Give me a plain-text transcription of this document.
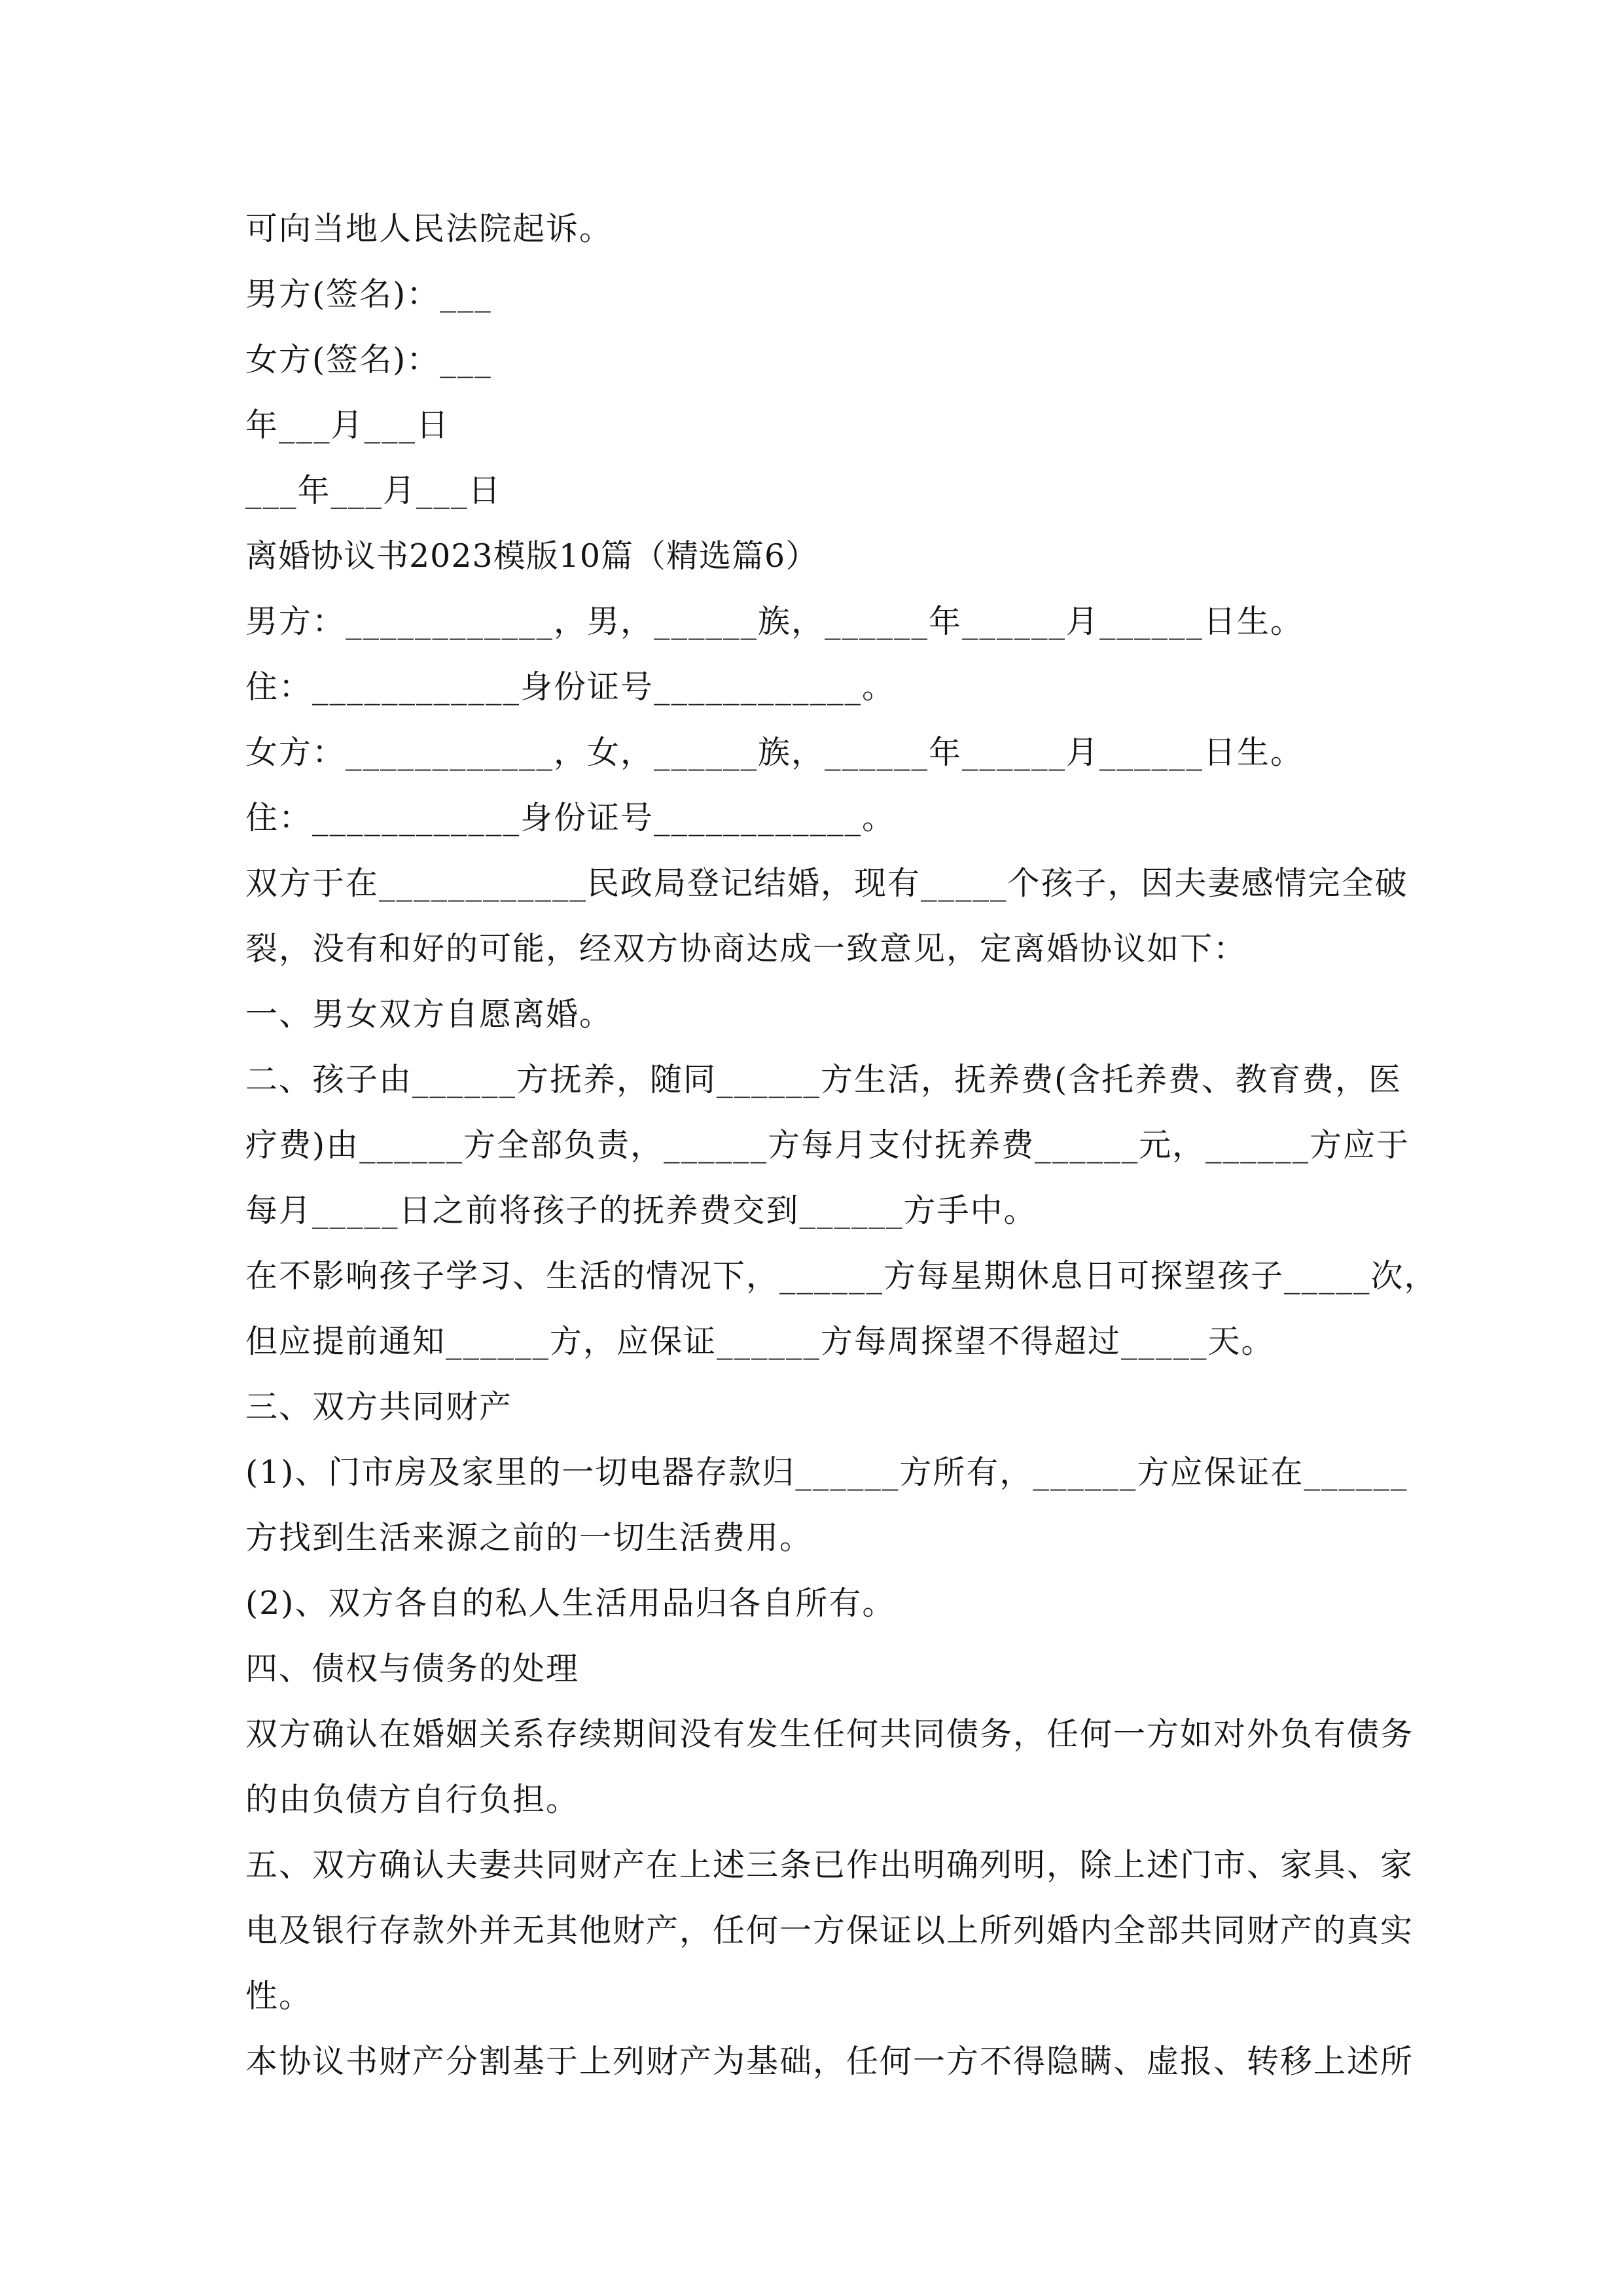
可向当地人民法院起诉。

男方(签名)：___

女方(签名)：___

年___月___日

___年___月___日

离婚协议书2023模版10篇（精选篇6）

男方：____________，男，______族，______年______月______日生。

住：____________身份证号____________。

女方：____________，女，______族，______年______月______日生。

住：____________身份证号____________。

双方于在____________民政局登记结婚，现有_____个孩子，因夫妻感情完全破

裂，没有和好的可能，经双方协商达成一致意见，定离婚协议如下：

一、男女双方自愿离婚。

二、孩子由______方抚养，随同______方生活，抚养费(含托养费、教育费，医

疗费)由______方全部负责，______方每月支付抚养费______元，______方应于

每月_____日之前将孩子的抚养费交到______方手中。

在不影响孩子学习、生活的情况下，______方每星期休息日可探望孩子_____次，

但应提前通知______方，应保证______方每周探望不得超过_____天。

三、双方共同财产

(1)、门市房及家里的一切电器存款归______方所有，______方应保证在______

方找到生活来源之前的一切生活费用。

(2)、双方各自的私人生活用品归各自所有。

四、债权与债务的处理

双方确认在婚姻关系存续期间没有发生任何共同债务，任何一方如对外负有债务

的由负债方自行负担。

五、双方确认夫妻共同财产在上述三条已作出明确列明，除上述门市、家具、家

电及银行存款外并无其他财产，任何一方保证以上所列婚内全部共同财产的真实

性。

本协议书财产分割基于上列财产为基础，任何一方不得隐瞒、虚报、转移上述所
